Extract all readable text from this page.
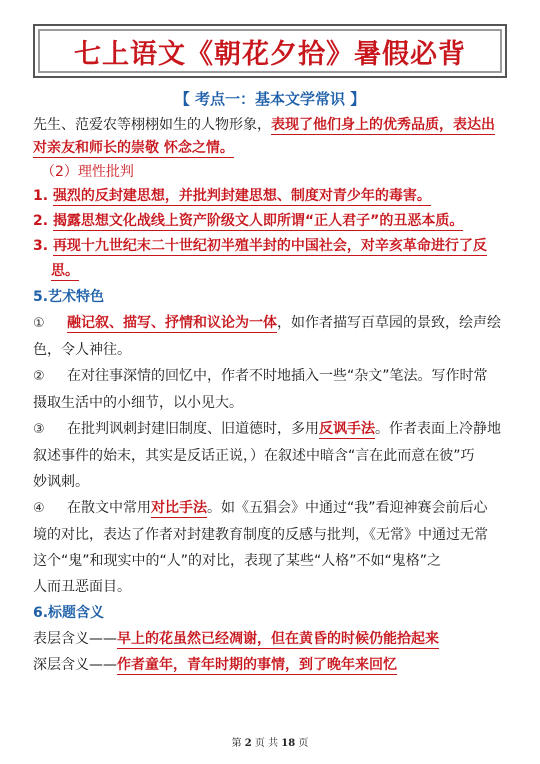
七上语文《朝花夕拾》暑假必背
【 考点一：基本文学常识 】
先生、范爱农等栩栩如生的人物形象，表现了他们身上的优秀品质，表达出
对亲友和师长的崇敬 怀念之情。
（2）理性批判
1. 强烈的反封建思想，并批判封建思想、制度对青少年的毒害。
2. 揭露思想文化战线上资产阶级文人即所谓“正人君子”的丑恶本质。
3. 再现十九世纪末二十世纪初半殖半封的中国社会，对辛亥革命进行了反
思。
5.艺术特色
① 融记叙、描写、抒情和议论为一体，如作者描写百草园的景致，绘声绘
色，令人神往。
② 在对往事深情的回忆中，作者不时地插入一些“杂文”笔法。写作时常
摄取生活中的小细节，以小见大。
③ 在批判讽刺封建旧制度、旧道德时，多用反讽手法。作者表面上冷静地
叙述事件的始末，其实是反话正说，）在叙述中暗含“言在此而意在彼”巧
妙讽刺。
④ 在散文中常用对比手法。如《五猖会》中通过“我”看迎神赛会前后心
境的对比，表达了作者对封建教育制度的反感与批判，《无常》中通过无常
这个“鬼”和现实中的“人”的对比，表现了某些“人格”不如“鬼格”之
人而丑恶面目。
6.标题含义
表层含义——早上的花虽然已经凋谢，但在黄昏的时候仍能拾起来
深层含义——作者童年，青年时期的事情，到了晚年来回忆
第 2 页 共 18 页
